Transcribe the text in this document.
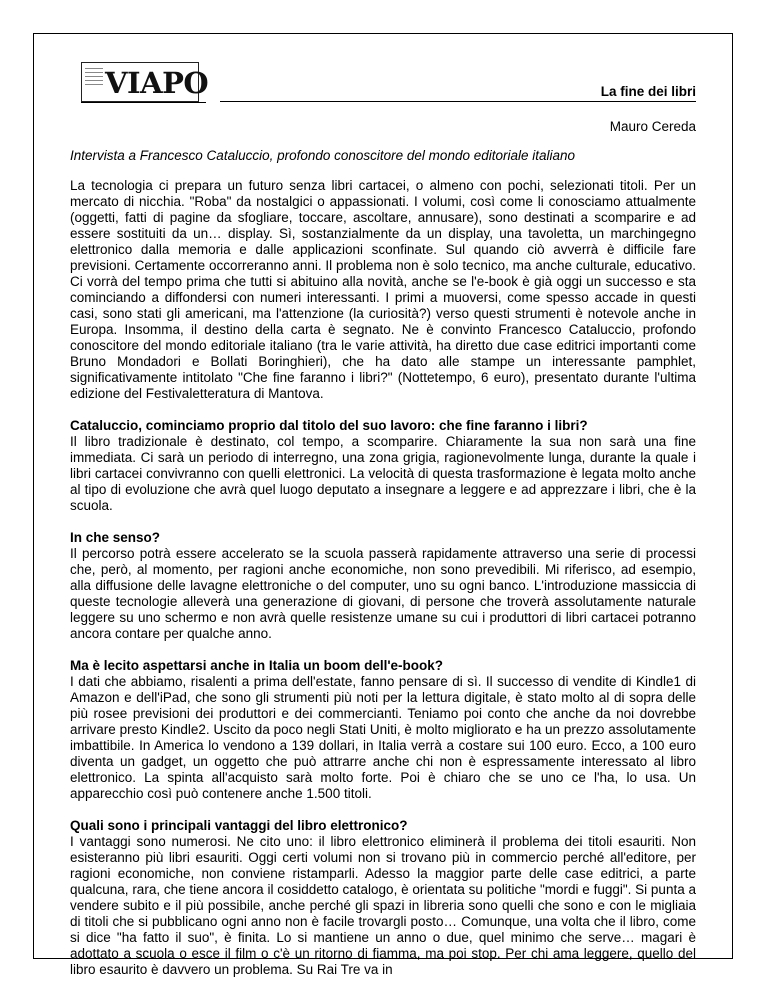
VIAPO	La fine dei libri
Mauro Cereda

Intervista a Francesco Cataluccio, profondo conoscitore del mondo editoriale italiano

La tecnologia ci prepara un futuro senza libri cartacei, o almeno con pochi, selezionati titoli. Per un mercato di nicchia. "Roba" da nostalgici o appassionati. I volumi, così come li conosciamo attualmente (oggetti, fatti di pagine da sfogliare, toccare, ascoltare, annusare), sono destinati a scomparire e ad essere sostituiti da un… display. Sì, sostanzialmente da un display, una tavoletta, un marchingegno elettronico dalla memoria e dalle applicazioni sconfinate. Sul quando ciò avverrà è difficile fare previsioni. Certamente occorreranno anni. Il problema non è solo tecnico, ma anche culturale, educativo. Ci vorrà del tempo prima che tutti si abituino alla novità, anche se l'e-book è già oggi un successo e sta cominciando a diffondersi con numeri interessanti. I primi a muoversi, come spesso accade in questi casi, sono stati gli americani, ma l'attenzione (la curiosità?) verso questi strumenti è notevole anche in Europa. Insomma, il destino della carta è segnato. Ne è convinto Francesco Cataluccio, profondo conoscitore del mondo editoriale italiano (tra le varie attività, ha diretto due case editrici importanti come Bruno Mondadori e Bollati Boringhieri), che ha dato alle stampe un interessante pamphlet, significativamente intitolato "Che fine faranno i libri?" (Nottetempo, 6 euro), presentato durante l'ultima edizione del Festivaletteratura di Mantova.

Cataluccio, cominciamo proprio dal titolo del suo lavoro: che fine faranno i libri?
Il libro tradizionale è destinato, col tempo, a scomparire. Chiaramente la sua non sarà una fine immediata. Ci sarà un periodo di interregno, una zona grigia, ragionevolmente lunga, durante la quale i libri cartacei convivranno con quelli elettronici. La velocità di questa trasformazione è legata molto anche al tipo di evoluzione che avrà quel luogo deputato a insegnare a leggere e ad apprezzare i libri, che è la scuola.
In che senso?
Il percorso potrà essere accelerato se la scuola passerà rapidamente attraverso una serie di processi che, però, al momento, per ragioni anche economiche, non sono prevedibili. Mi riferisco, ad esempio, alla diffusione delle lavagne elettroniche o del computer, uno su ogni banco. L'introduzione massiccia di queste tecnologie alleverà una generazione di giovani, di persone che troverà assolutamente naturale leggere su uno schermo e non avrà quelle resistenze umane su cui i produttori di libri cartacei potranno ancora contare per qualche anno.
Ma è lecito aspettarsi anche in Italia un boom dell'e-book?
I dati che abbiamo, risalenti a prima dell'estate, fanno pensare di sì. Il successo di vendite di Kindle1 di Amazon e dell'iPad, che sono gli strumenti più noti per la lettura digitale, è stato molto al di sopra delle più rosee previsioni dei produttori e dei commercianti. Teniamo poi conto che anche da noi dovrebbe arrivare presto Kindle2. Uscito da poco negli Stati Uniti, è molto migliorato e ha un prezzo assolutamente imbattibile. In America lo vendono a 139 dollari, in Italia verrà a costare sui 100 euro. Ecco, a 100 euro diventa un gadget, un oggetto che può attrarre anche chi non è espressamente interessato al libro elettronico. La spinta all'acquisto sarà molto forte. Poi è chiaro che se uno ce l'ha, lo usa. Un apparecchio così può contenere anche 1.500 titoli.
Quali sono i principali vantaggi del libro elettronico?
I vantaggi sono numerosi. Ne cito uno: il libro elettronico eliminerà il problema dei titoli esauriti. Non esisteranno più libri esauriti. Oggi certi volumi non si trovano più in commercio perché all'editore, per ragioni economiche, non conviene ristamparli. Adesso la maggior parte delle case editrici, a parte qualcuna, rara, che tiene ancora il cosiddetto catalogo, è orientata su politiche "mordi e fuggi". Si punta a vendere subito e il più possibile, anche perché gli spazi in libreria sono quelli che sono e con le migliaia di titoli che si pubblicano ogni anno non è facile trovargli posto… Comunque, una volta che il libro, come si dice "ha fatto il suo", è finita. Lo si mantiene un anno o due, quel minimo che serve… magari è adottato a scuola o esce il film o c'è un ritorno di fiamma, ma poi stop. Per chi ama leggere, quello del libro esaurito è davvero un problema. Su Rai Tre va in
